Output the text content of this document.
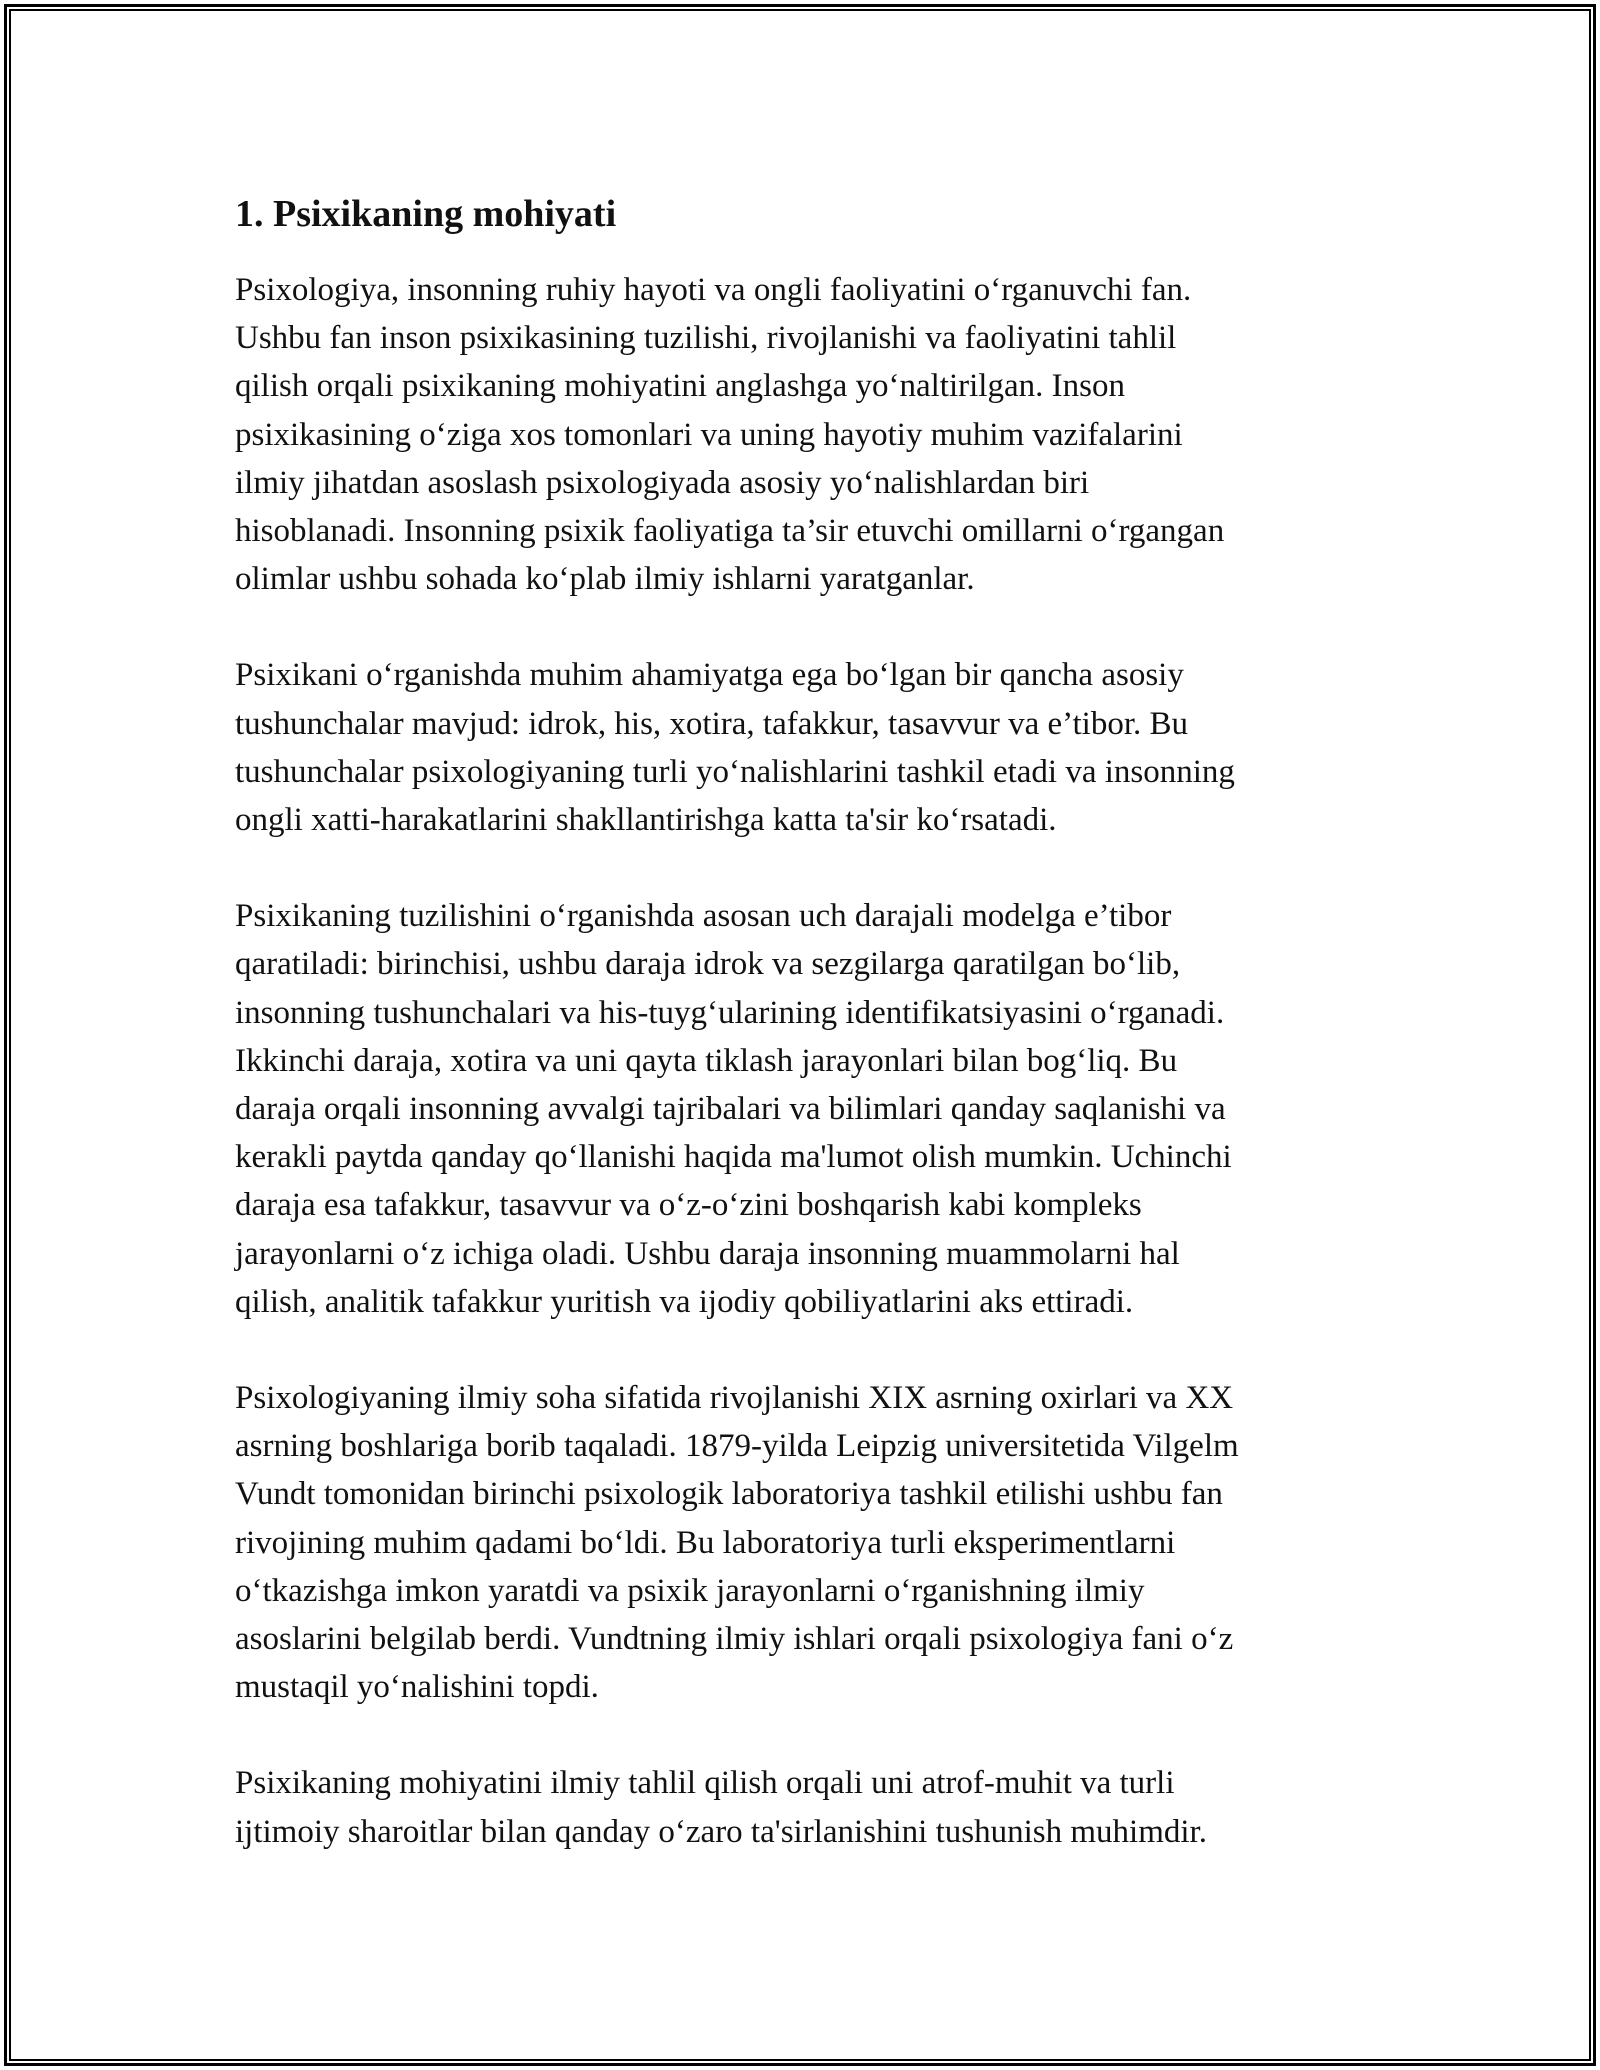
1. Psixikaning mohiyati

Psixologiya, insonning ruhiy hayoti va ongli faoliyatini o‘rganuvchi fan.
Ushbu fan inson psixikasining tuzilishi, rivojlanishi va faoliyatini tahlil
qilish orqali psixikaning mohiyatini anglashga yo‘naltirilgan. Inson
psixikasining o‘ziga xos tomonlari va uning hayotiy muhim vazifalarini
ilmiy jihatdan asoslash psixologiyada asosiy yo‘nalishlardan biri
hisoblanadi. Insonning psixik faoliyatiga ta’sir etuvchi omillarni o‘rgangan
olimlar ushbu sohada ko‘plab ilmiy ishlarni yaratganlar.

Psixikani o‘rganishda muhim ahamiyatga ega bo‘lgan bir qancha asosiy
tushunchalar mavjud: idrok, his, xotira, tafakkur, tasavvur va e’tibor. Bu
tushunchalar psixologiyaning turli yo‘nalishlarini tashkil etadi va insonning
ongli xatti-harakatlarini shakllantirishga katta ta'sir ko‘rsatadi.

Psixikaning tuzilishini o‘rganishda asosan uch darajali modelga e’tibor
qaratiladi: birinchisi, ushbu daraja idrok va sezgilarga qaratilgan bo‘lib,
insonning tushunchalari va his-tuyg‘ularining identifikatsiyasini o‘rganadi.
Ikkinchi daraja, xotira va uni qayta tiklash jarayonlari bilan bog‘liq. Bu
daraja orqali insonning avvalgi tajribalari va bilimlari qanday saqlanishi va
kerakli paytda qanday qo‘llanishi haqida ma'lumot olish mumkin. Uchinchi
daraja esa tafakkur, tasavvur va o‘z-o‘zini boshqarish kabi kompleks
jarayonlarni o‘z ichiga oladi. Ushbu daraja insonning muammolarni hal
qilish, analitik tafakkur yuritish va ijodiy qobiliyatlarini aks ettiradi.

Psixologiyaning ilmiy soha sifatida rivojlanishi XIX asrning oxirlari va XX
asrning boshlariga borib taqaladi. 1879-yilda Leipzig universitetida Vilgelm
Vundt tomonidan birinchi psixologik laboratoriya tashkil etilishi ushbu fan
rivojining muhim qadami bo‘ldi. Bu laboratoriya turli eksperimentlarni
o‘tkazishga imkon yaratdi va psixik jarayonlarni o‘rganishning ilmiy
asoslarini belgilab berdi. Vundtning ilmiy ishlari orqali psixologiya fani o‘z
mustaqil yo‘nalishini topdi.

Psixikaning mohiyatini ilmiy tahlil qilish orqali uni atrof-muhit va turli
ijtimoiy sharoitlar bilan qanday o‘zaro ta'sirlanishini tushunish muhimdir.
